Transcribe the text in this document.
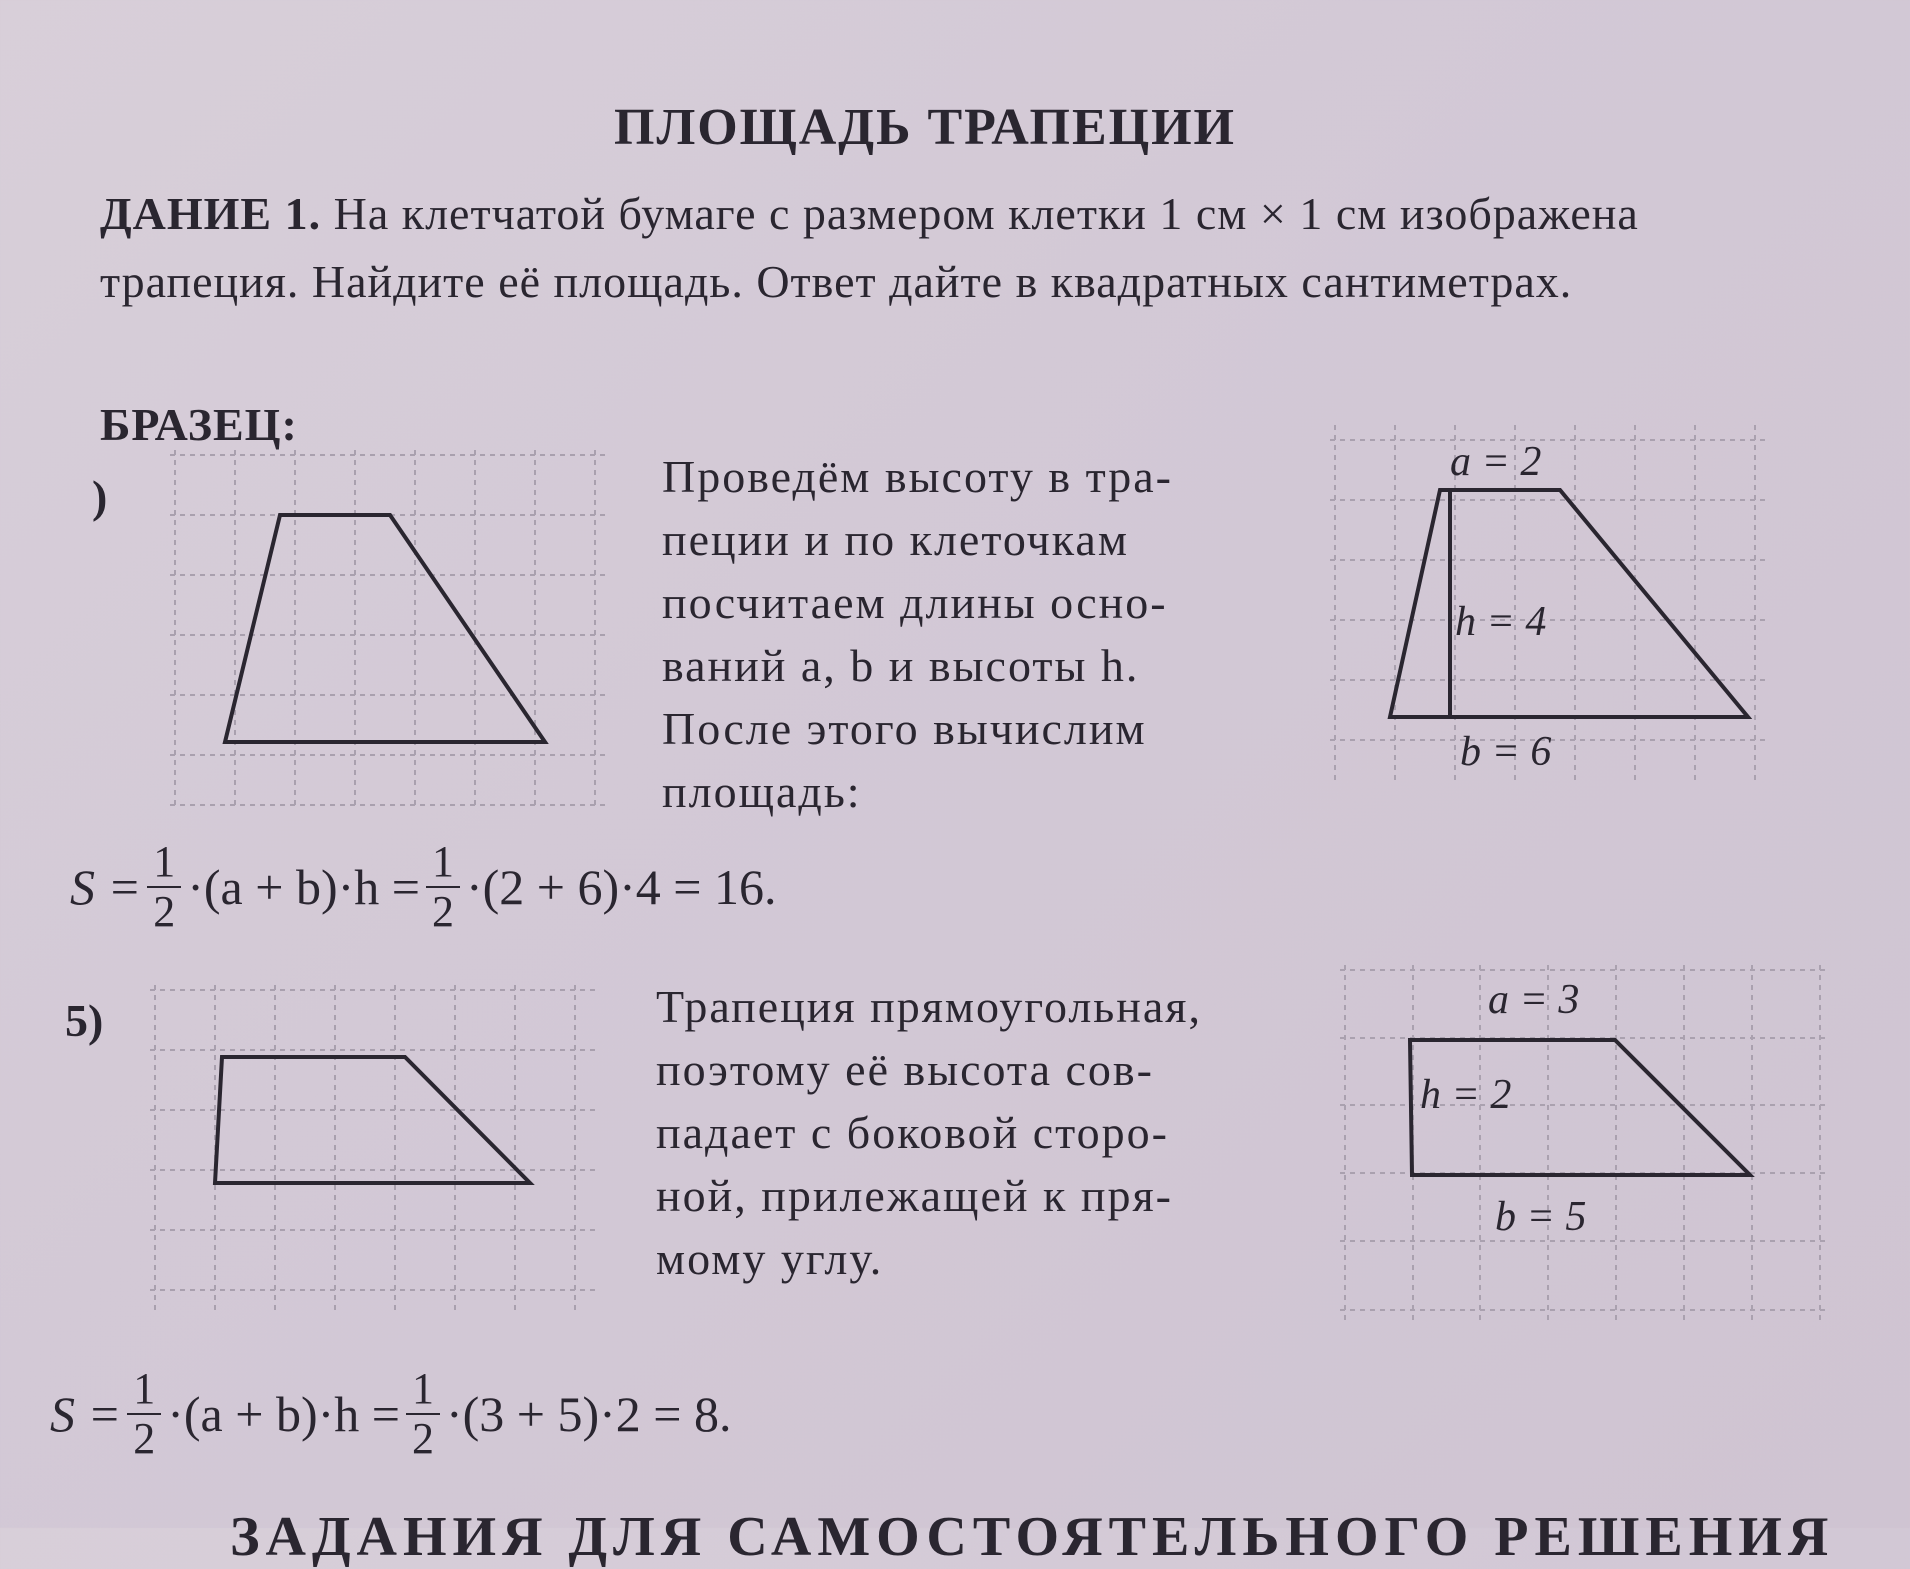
ПЛОЩАДЬ ТРАПЕЦИИ
ДАНИЕ 1. На клетчатой бумаге с размером клетки 1 см × 1 см изображена трапеция. Найдите её площадь. Ответ дайте в квадратных сантиметрах.
БРАЗЕЦ:
)	Проведём высоту в тра-
пеции и по клеточкам
посчитаем длины осно-
ваний a, b и высоты h.
После этого вычислим
площадь:
a = 2
h = 4
b = 6
$S = \frac{1}{2} \cdot(a + b)\cdot h = \frac{1}{2} \cdot(2 + 6)\cdot 4 = 16$.
5)	Трапеция прямоугольная,
поэтому её высота сов-
падает с боковой сторо-
ной, прилежащей к пря-
мому углу.
a = 3
h = 2
b = 5
$S = \frac{1}{2} \cdot(a + b)\cdot h = \frac{1}{2} \cdot(3 + 5)\cdot 2 = 8$.
ЗАДАНИЯ ДЛЯ САМОСТОЯТЕЛЬНОГО РЕШЕНИЯ
